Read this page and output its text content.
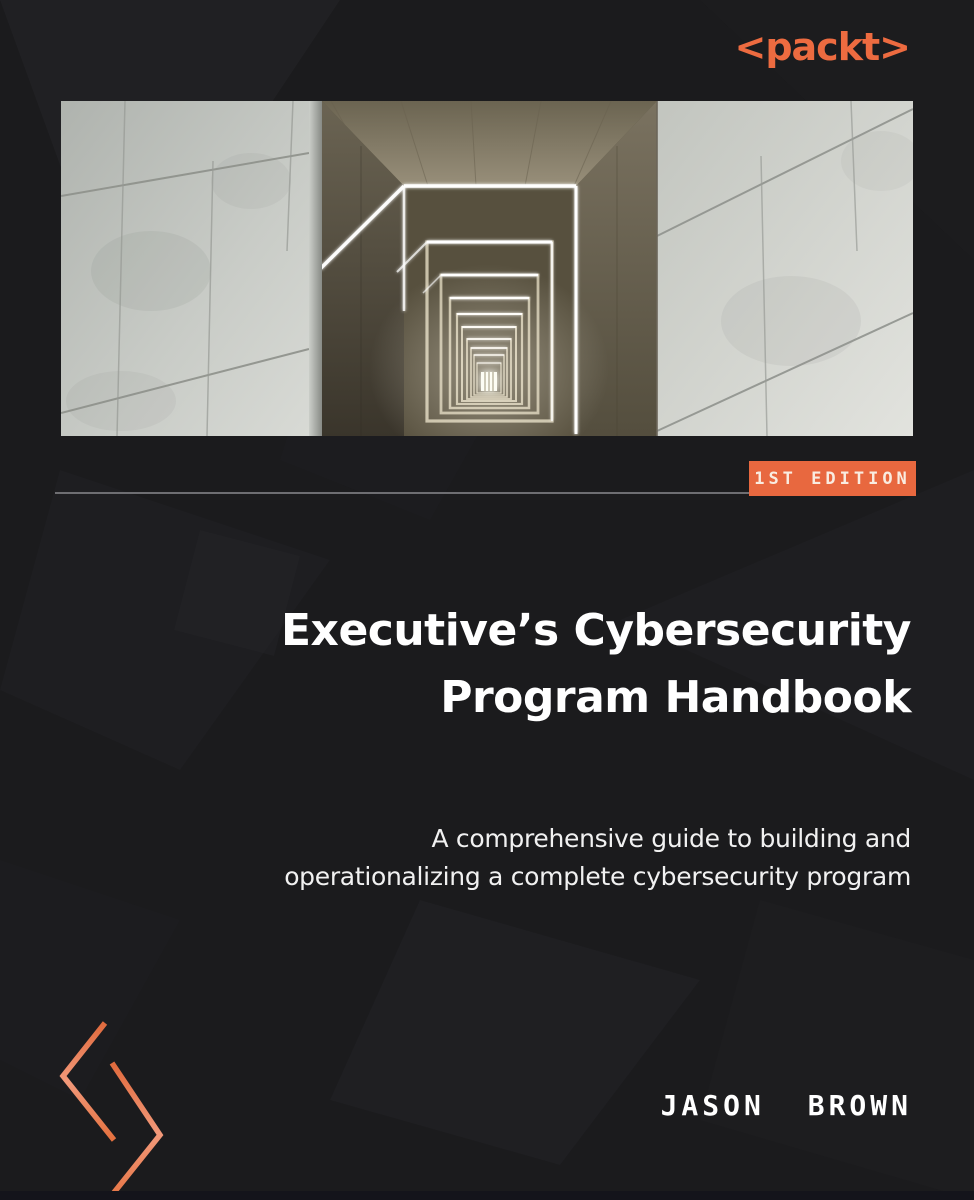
<packt>
1ST EDITION
Executive’s Cybersecurity
Program Handbook
A comprehensive guide to building and
operationalizing a complete cybersecurity program
JASON BROWN
